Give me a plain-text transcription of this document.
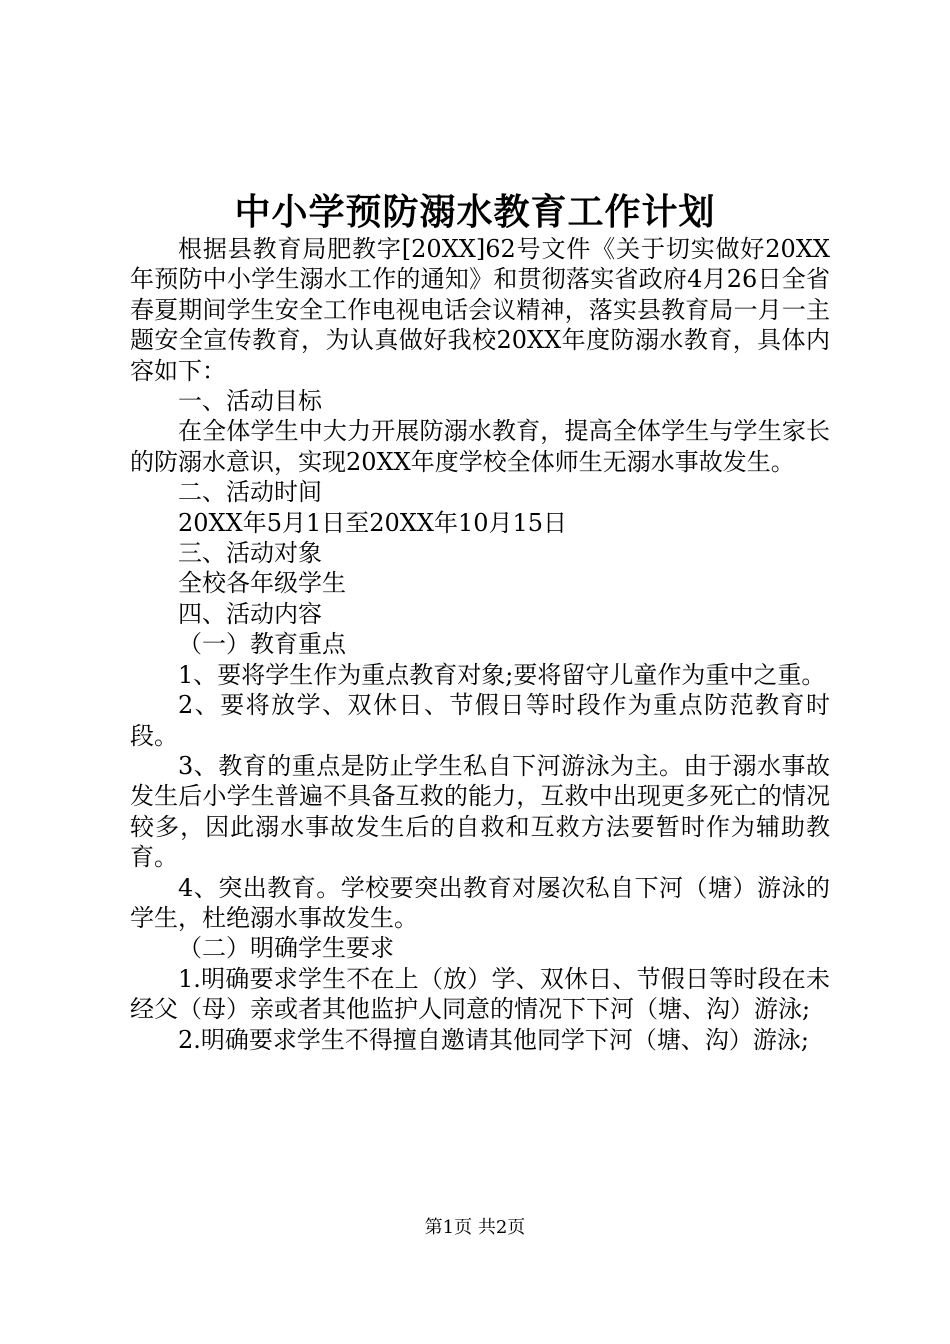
中小学预防溺水教育工作计划

根据县教育局肥教字[20XX]62号文件《关于切实做好20XX年预防中小学生溺水工作的通知》和贯彻落实省政府4月26日全省春夏期间学生安全工作电视电话会议精神，落实县教育局一月一主题安全宣传教育，为认真做好我校20XX年度防溺水教育，具体内容如下：

一、活动目标

在全体学生中大力开展防溺水教育，提高全体学生与学生家长的防溺水意识，实现20XX年度学校全体师生无溺水事故发生。

二、活动时间

20XX年5月1日至20XX年10月15日

三、活动对象

全校各年级学生

四、活动内容

（一）教育重点

1、要将学生作为重点教育对象;要将留守儿童作为重中之重。

2、要将放学、双休日、节假日等时段作为重点防范教育时段。

3、教育的重点是防止学生私自下河游泳为主。由于溺水事故发生后小学生普遍不具备互救的能力，互救中出现更多死亡的情况较多，因此溺水事故发生后的自救和互救方法要暂时作为辅助教育。

4、突出教育。学校要突出教育对屡次私自下河（塘）游泳的学生，杜绝溺水事故发生。

（二）明确学生要求

1.明确要求学生不在上（放）学、双休日、节假日等时段在未经父（母）亲或者其他监护人同意的情况下下河（塘、沟）游泳;

2.明确要求学生不得擅自邀请其他同学下河（塘、沟）游泳;

第1页 共2页
